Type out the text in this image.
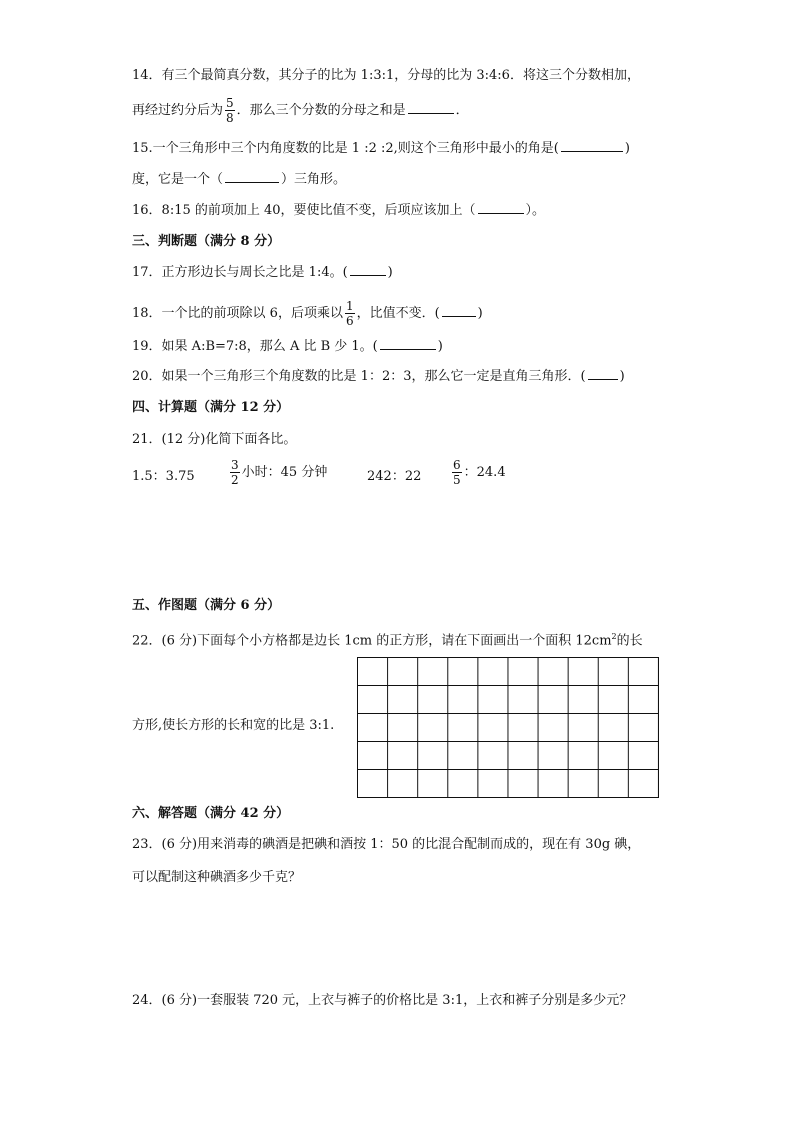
14．有三个最简真分数，其分子的比为 1:3:1，分母的比为 3:4:6．将这三个分数相加，
再经过约分后为 $\frac{5}{8}$ ．那么三个分数的分母之和是	．
15.一个三角形中三个内角度数的比是 1 :2 :2,则这个三角形中最小的角是(	)
度，它是一个（	）三角形。
16．8:15 的前项加上 40，要使比值不变，后项应该加上（	）。
三、判断题（满分 8 分）
17．正方形边长与周长之比是 1:4。(	)
18．一个比的前项除以 6，后项乘以 $\frac{1}{6}$ ，比值不变．(	)
19．如果 A:B=7:8，那么 A 比 B 少 1。(	)
20．如果一个三角形三个角度数的比是 1：2：3，那么它一定是直角三角形．(	)
四、计算题（满分 12 分）
21．(12 分)化简下面各比。
1.5：3.75	$\frac{3}{2}$ 小时：45 分钟	242：22	$\frac{6}{5}$ ：24.4
五、作图题（满分 6 分）
22．(6 分)下面每个小方格都是边长 1cm 的正方形，请在下面画出一个面积 $12cm^2$的长
方形,使长方形的长和宽的比是 3:1.
六、解答题（满分 42 分）
23．(6 分)用来消毒的碘酒是把碘和酒按 1：50 的比混合配制而成的，现在有 30g 碘，
可以配制这种碘酒多少千克？
24．(6 分)一套服装 720 元，上衣与裤子的价格比是 3:1，上衣和裤子分别是多少元？
